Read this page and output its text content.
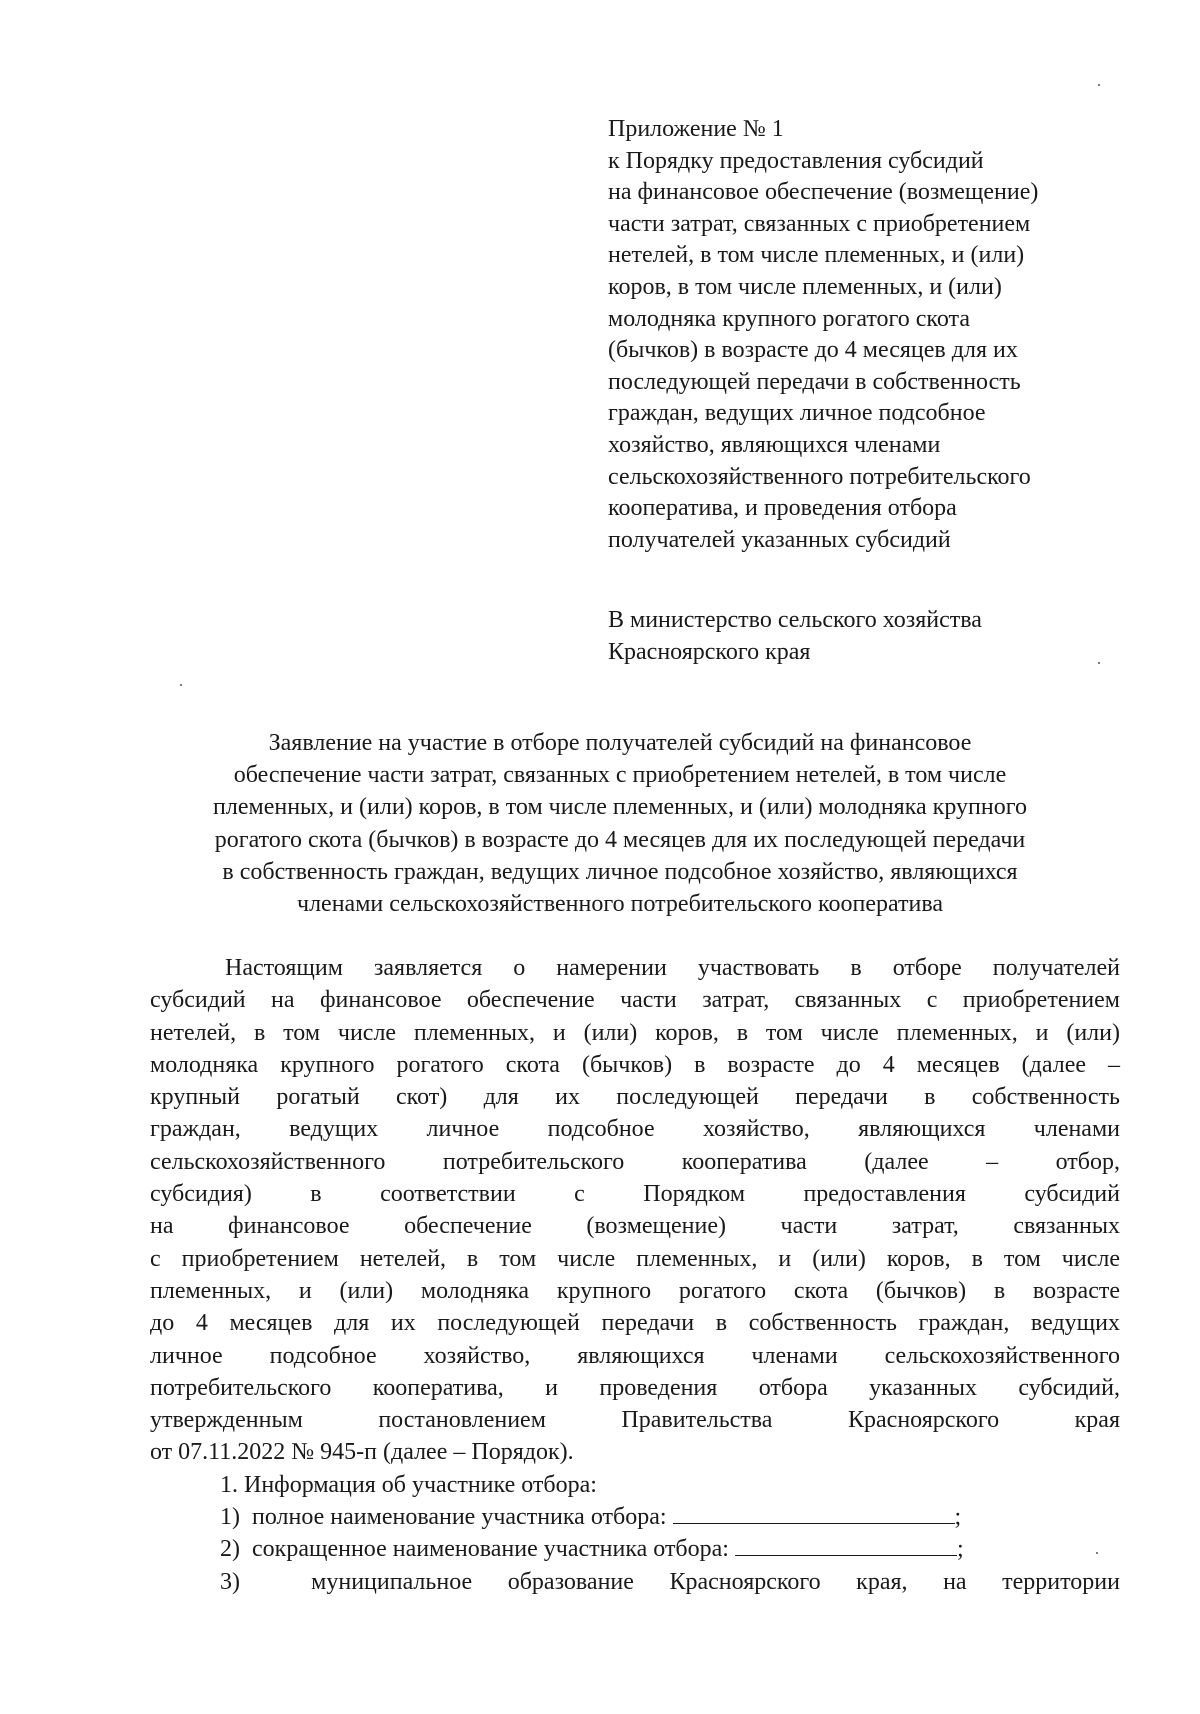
Приложение № 1
к Порядку предоставления субсидий
на финансовое обеспечение (возмещение)
части затрат, связанных с приобретением
нетелей, в том числе племенных, и (или)
коров, в том числе племенных, и (или)
молодняка крупного рогатого скота
(бычков) в возрасте до 4 месяцев для их
последующей передачи в собственность
граждан, ведущих личное подсобное
хозяйство, являющихся членами
сельскохозяйственного потребительского
кооператива, и проведения отбора
получателей указанных субсидий
В министерство сельского хозяйства
Красноярского края
Заявление на участие в отборе получателей субсидий на финансовое
обеспечение части затрат, связанных с приобретением нетелей, в том числе
племенных, и (или) коров, в том числе племенных, и (или) молодняка крупного
рогатого скота (бычков) в возрасте до 4 месяцев для их последующей передачи
в собственность граждан, ведущих личное подсобное хозяйство, являющихся
членами сельскохозяйственного потребительского кооператива
Настоящим заявляется о намерении участвовать в отборе получателей
субсидий на финансовое обеспечение части затрат, связанных с приобретением
нетелей, в том числе племенных, и (или) коров, в том числе племенных, и (или)
молодняка крупного рогатого скота (бычков) в возрасте до 4 месяцев (далее –
крупный рогатый скот) для их последующей передачи в собственность
граждан, ведущих личное подсобное хозяйство, являющихся членами
сельскохозяйственного потребительского кооператива (далее – отбор,
субсидия) в соответствии с Порядком предоставления субсидий
на финансовое обеспечение (возмещение) части затрат, связанных
с приобретением нетелей, в том числе племенных, и (или) коров, в том числе
племенных, и (или) молодняка крупного рогатого скота (бычков) в возрасте
до 4 месяцев для их последующей передачи в собственность граждан, ведущих
личное подсобное хозяйство, являющихся членами сельскохозяйственного
потребительского кооператива, и проведения отбора указанных субсидий,
утвержденным постановлением Правительства Красноярского края
от 07.11.2022 № 945-п (далее – Порядок).
1. Информация об участнике отбора:
1) полное наименование участника отбора:	;
2) сокращенное наименование участника отбора:	;
3)	муниципальное образование Красноярского края, на территории
